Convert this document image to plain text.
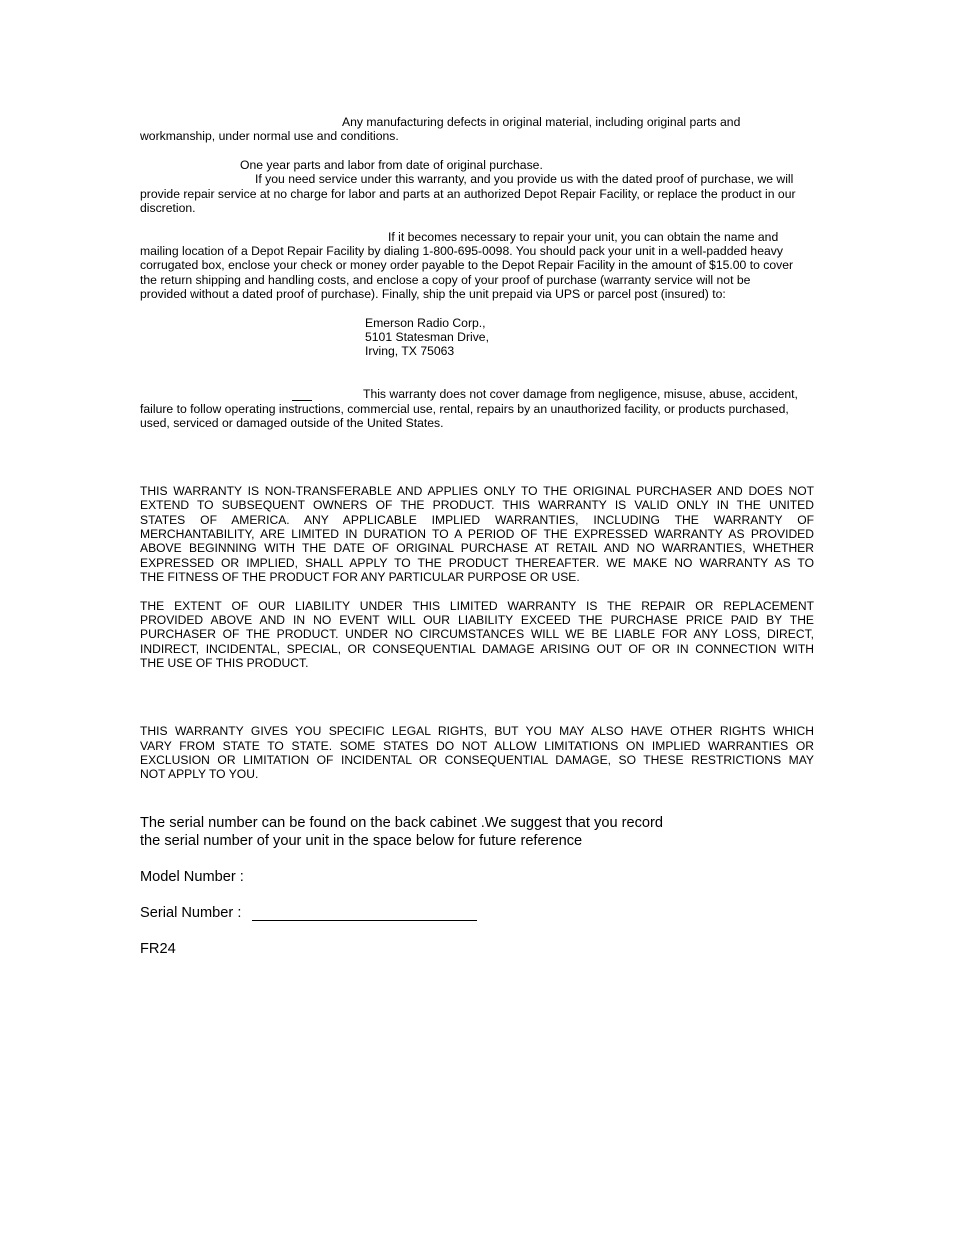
Any manufacturing defects in original material, including original parts and
workmanship, under normal use and conditions.
One year parts and labor from date of original purchase.
If you need service under this warranty, and you provide us with the dated proof of purchase, we will
provide repair service at no charge for labor and parts at an authorized Depot Repair Facility, or replace the product in our
discretion.
If it becomes necessary to repair your unit, you can obtain the name and
mailing location of a Depot Repair Facility by dialing 1-800-695-0098. You should pack your unit in a well-padded heavy
corrugated box, enclose your check or money order payable to the Depot Repair Facility in the amount of $15.00 to cover
the return shipping and handling costs, and enclose a copy of your proof of purchase (warranty service will not be
provided without a dated proof of purchase). Finally, ship the unit prepaid via UPS or parcel post (insured) to:
Emerson Radio Corp.,
5101 Statesman Drive,
Irving, TX 75063
This warranty does not cover damage from negligence, misuse, abuse, accident,
failure to follow operating instructions, commercial use, rental, repairs by an unauthorized facility, or products purchased,
used, serviced or damaged outside of the United States.
THIS WARRANTY IS NON-TRANSFERABLE AND APPLIES ONLY TO THE ORIGINAL PURCHASER AND DOES NOT
EXTEND TO SUBSEQUENT OWNERS OF THE PRODUCT. THIS WARRANTY IS VALID ONLY IN THE UNITED
STATES OF AMERICA. ANY APPLICABLE IMPLIED WARRANTIES, INCLUDING THE WARRANTY OF
MERCHANTABILITY, ARE LIMITED IN DURATION TO A PERIOD OF THE EXPRESSED WARRANTY AS PROVIDED
ABOVE BEGINNING WITH THE DATE OF ORIGINAL PURCHASE AT RETAIL AND NO WARRANTIES, WHETHER
EXPRESSED OR IMPLIED, SHALL APPLY TO THE PRODUCT THEREAFTER. WE MAKE NO WARRANTY AS TO
THE FITNESS OF THE PRODUCT FOR ANY PARTICULAR PURPOSE OR USE.
THE EXTENT OF OUR LIABILITY UNDER THIS LIMITED WARRANTY IS THE REPAIR OR REPLACEMENT
PROVIDED ABOVE AND IN NO EVENT WILL OUR LIABILITY EXCEED THE PURCHASE PRICE PAID BY THE
PURCHASER OF THE PRODUCT. UNDER NO CIRCUMSTANCES WILL WE BE LIABLE FOR ANY LOSS, DIRECT,
INDIRECT, INCIDENTAL, SPECIAL, OR CONSEQUENTIAL DAMAGE ARISING OUT OF OR IN CONNECTION WITH
THE USE OF THIS PRODUCT.
THIS WARRANTY GIVES YOU SPECIFIC LEGAL RIGHTS, BUT YOU MAY ALSO HAVE OTHER RIGHTS WHICH
VARY FROM STATE TO STATE. SOME STATES DO NOT ALLOW LIMITATIONS ON IMPLIED WARRANTIES OR
EXCLUSION OR LIMITATION OF INCIDENTAL OR CONSEQUENTIAL DAMAGE, SO THESE RESTRICTIONS MAY
NOT APPLY TO YOU.
The serial number can be found on the back cabinet .We suggest that you record
the serial number of your unit in the space below for future reference
Model Number :
Serial Number :
FR24
